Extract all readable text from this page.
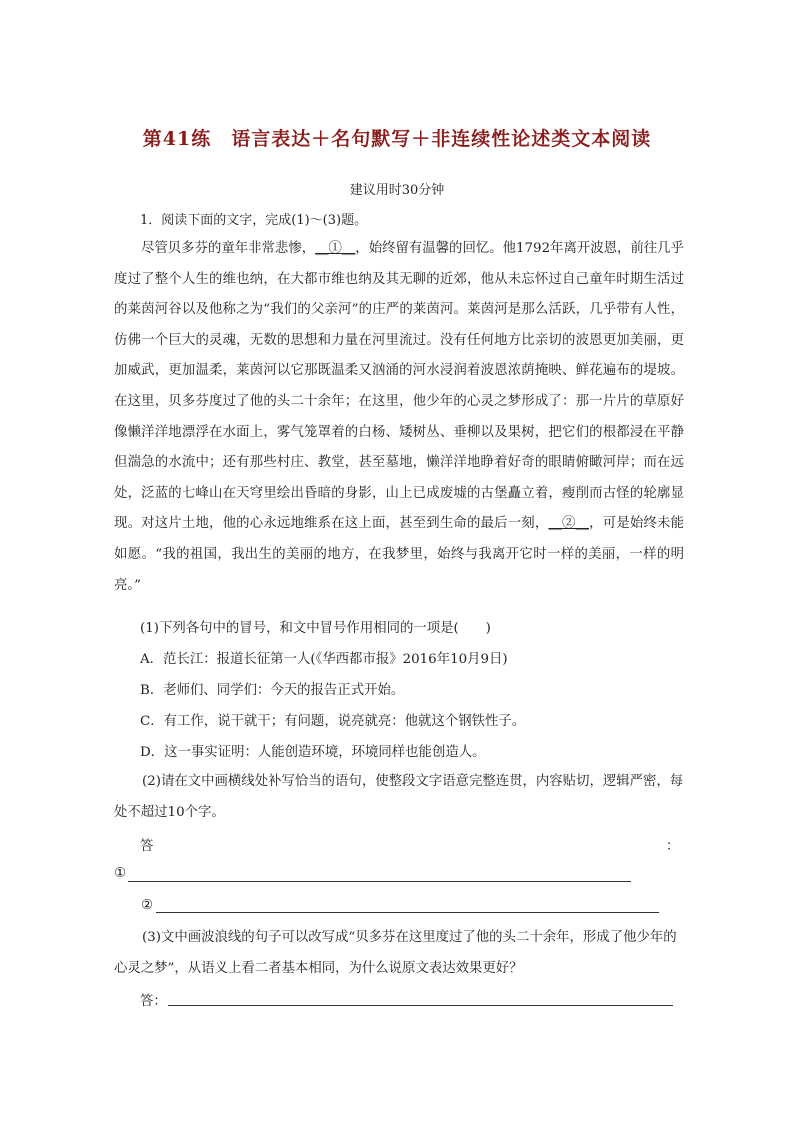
第41练　语言表达＋名句默写＋非连续性论述类文本阅读
建议用时30分钟
1．阅读下面的文字，完成(1)～(3)题。
尽管贝多芬的童年非常悲惨，__①__，始终留有温馨的回忆。他1792年离开波恩，前往几乎度过了整个人生的维也纳，在大都市维也纳及其无聊的近郊，他从未忘怀过自己童年时期生活过的莱茵河谷以及他称之为“我们的父亲河”的庄严的莱茵河。莱茵河是那么活跃，几乎带有人性，仿佛一个巨大的灵魂，无数的思想和力量在河里流过。没有任何地方比亲切的波恩更加美丽，更加威武，更加温柔，莱茵河以它那既温柔又汹涌的河水浸润着波恩浓荫掩映、鲜花遍布的堤坡。在这里，贝多芬度过了他的头二十余年；在这里，他少年的心灵之梦形成了：那一片片的草原好像懒洋洋地漂浮在水面上，雾气笼罩着的白杨、矮树丛、垂柳以及果树，把它们的根都浸在平静但湍急的水流中；还有那些村庄、教堂，甚至墓地，懒洋洋地睁着好奇的眼睛俯瞰河岸；而在远处，泛蓝的七峰山在天穹里绘出昏暗的身影，山上已成废墟的古堡矗立着，瘦削而古怪的轮廓显现。对这片土地，他的心永远地维系在这上面，甚至到生命的最后一刻，__②__，可是始终未能如愿。“我的祖国，我出生的美丽的地方，在我梦里，始终与我离开它时一样的美丽，一样的明亮。”
(1)下列各句中的冒号，和文中冒号作用相同的一项是(　　)
A．范长江：报道长征第一人(《华西都市报》2016年10月9日)
B．老师们、同学们：今天的报告正式开始。
C．有工作，说干就干；有问题，说亮就亮：他就这个钢铁性子。
D．这一事实证明：人能创造环境，环境同样也能创造人。
(2)请在文中画横线处补写恰当的语句，使整段文字语意完整连贯，内容贴切，逻辑严密，每处不超过10个字。
答	：
①
②
(3)文中画波浪线的句子可以改写成“贝多芬在这里度过了他的头二十余年，形成了他少年的心灵之梦”，从语义上看二者基本相同，为什么说原文表达效果更好？
答：
